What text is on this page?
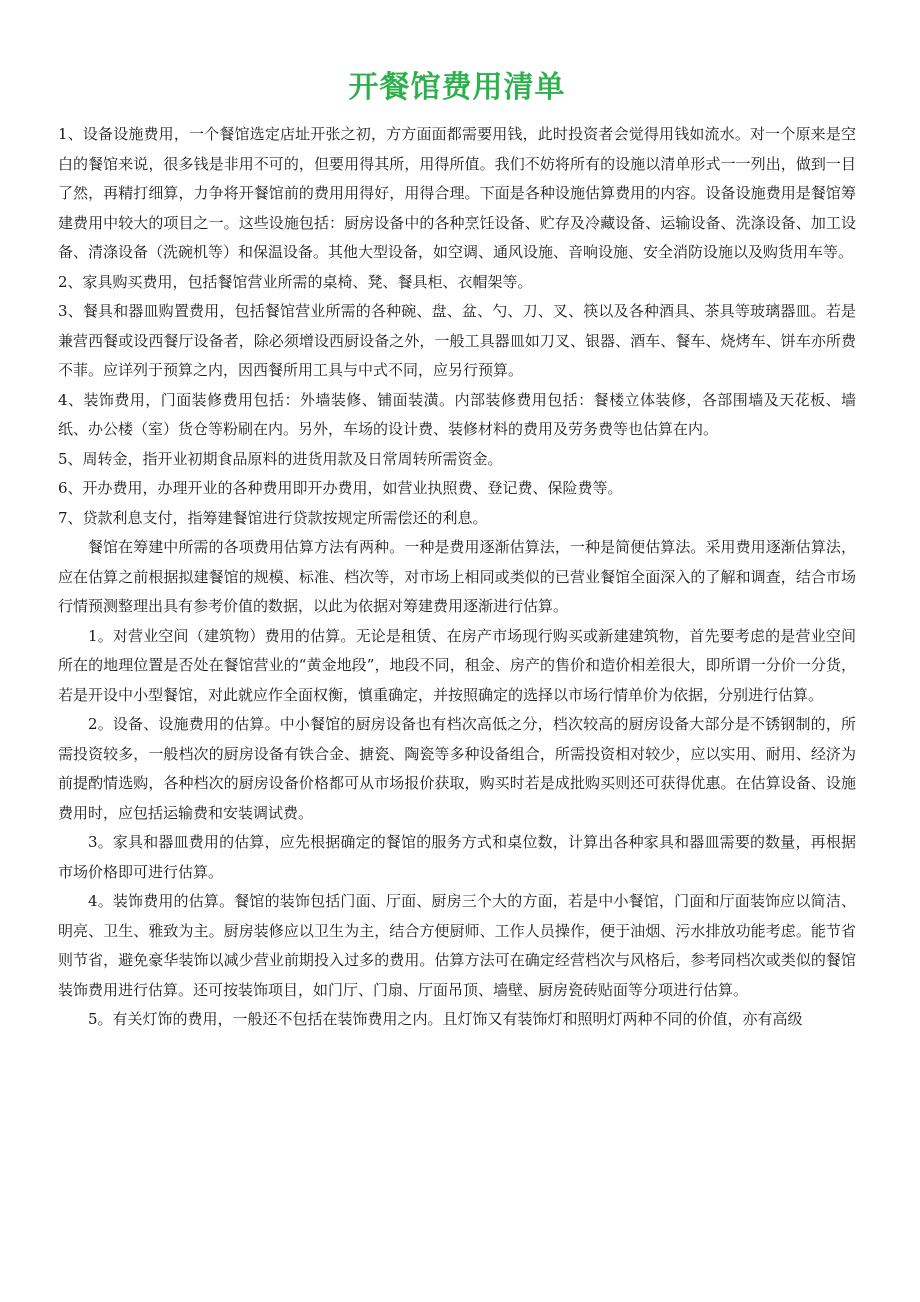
开餐馆费用清单

1、设备设施费用，一个餐馆选定店址开张之初，方方面面都需要用钱，此时投资者会觉得用钱如流水。对一个原来是空白的餐馆来说，很多钱是非用不可的，但要用得其所，用得所值。我们不妨将所有的设施以清单形式一一列出，做到一目了然，再精打细算，力争将开餐馆前的费用用得好，用得合理。下面是各种设施估算费用的内容。设备设施费用是餐馆筹建费用中较大的项目之一。这些设施包括：厨房设备中的各种烹饪设备、贮存及冷藏设备、运输设备、洗涤设备、加工设备、清涤设备（洗碗机等）和保温设备。其他大型设备，如空调、通风设施、音响设施、安全消防设施以及购货用车等。

2、家具购买费用，包括餐馆营业所需的桌椅、凳、餐具柜、衣帽架等。

3、餐具和器皿购置费用，包括餐馆营业所需的各种碗、盘、盆、勺、刀、叉、筷以及各种酒具、茶具等玻璃器皿。若是兼营西餐或设西餐厅设备者，除必须增设西厨设备之外，一般工具器皿如刀叉、银器、酒车、餐车、烧烤车、饼车亦所费不菲。应详列于预算之内，因西餐所用工具与中式不同，应另行预算。

4、装饰费用，门面装修费用包括：外墙装修、铺面装潢。内部装修费用包括：餐楼立体装修，各部围墙及天花板、墙纸、办公楼（室）货仓等粉刷在内。另外，车场的设计费、装修材料的费用及劳务费等也估算在内。

5、周转金，指开业初期食品原料的进货用款及日常周转所需资金。

6、开办费用，办理开业的各种费用即开办费用，如营业执照费、登记费、保险费等。

7、贷款利息支付，指筹建餐馆进行贷款按规定所需偿还的利息。

餐馆在筹建中所需的各项费用估算方法有两种。一种是费用逐渐估算法，一种是简便估算法。采用费用逐渐估算法，应在估算之前根据拟建餐馆的规模、标准、档次等，对市场上相同或类似的已营业餐馆全面深入的了解和调查，结合市场行情预测整理出具有参考价值的数据，以此为依据对筹建费用逐渐进行估算。

1。对营业空间（建筑物）费用的估算。无论是租赁、在房产市场现行购买或新建建筑物，首先要考虑的是营业空间所在的地理位置是否处在餐馆营业的“黄金地段”，地段不同，租金、房产的售价和造价相差很大，即所谓一分价一分货，若是开设中小型餐馆，对此就应作全面权衡，慎重确定，并按照确定的选择以市场行情单价为依据，分别进行估算。

2。设备、设施费用的估算。中小餐馆的厨房设备也有档次高低之分，档次较高的厨房设备大部分是不锈钢制的，所需投资较多，一般档次的厨房设备有铁合金、搪瓷、陶瓷等多种设备组合，所需投资相对较少，应以实用、耐用、经济为前提酌情选购，各种档次的厨房设备价格都可从市场报价获取，购买时若是成批购买则还可获得优惠。在估算设备、设施费用时，应包括运输费和安装调试费。

3。家具和器皿费用的估算，应先根据确定的餐馆的服务方式和桌位数，计算出各种家具和器皿需要的数量，再根据市场价格即可进行估算。

4。装饰费用的估算。餐馆的装饰包括门面、厅面、厨房三个大的方面，若是中小餐馆，门面和厅面装饰应以简洁、明亮、卫生、雅致为主。厨房装修应以卫生为主，结合方便厨师、工作人员操作，便于油烟、污水排放功能考虑。能节省则节省，避免豪华装饰以减少营业前期投入过多的费用。估算方法可在确定经营档次与风格后，参考同档次或类似的餐馆装饰费用进行估算。还可按装饰项目，如门厅、门扇、厅面吊顶、墙壁、厨房瓷砖贴面等分项进行估算。

5。有关灯饰的费用，一般还不包括在装饰费用之内。且灯饰又有装饰灯和照明灯两种不同的价值，亦有高级
